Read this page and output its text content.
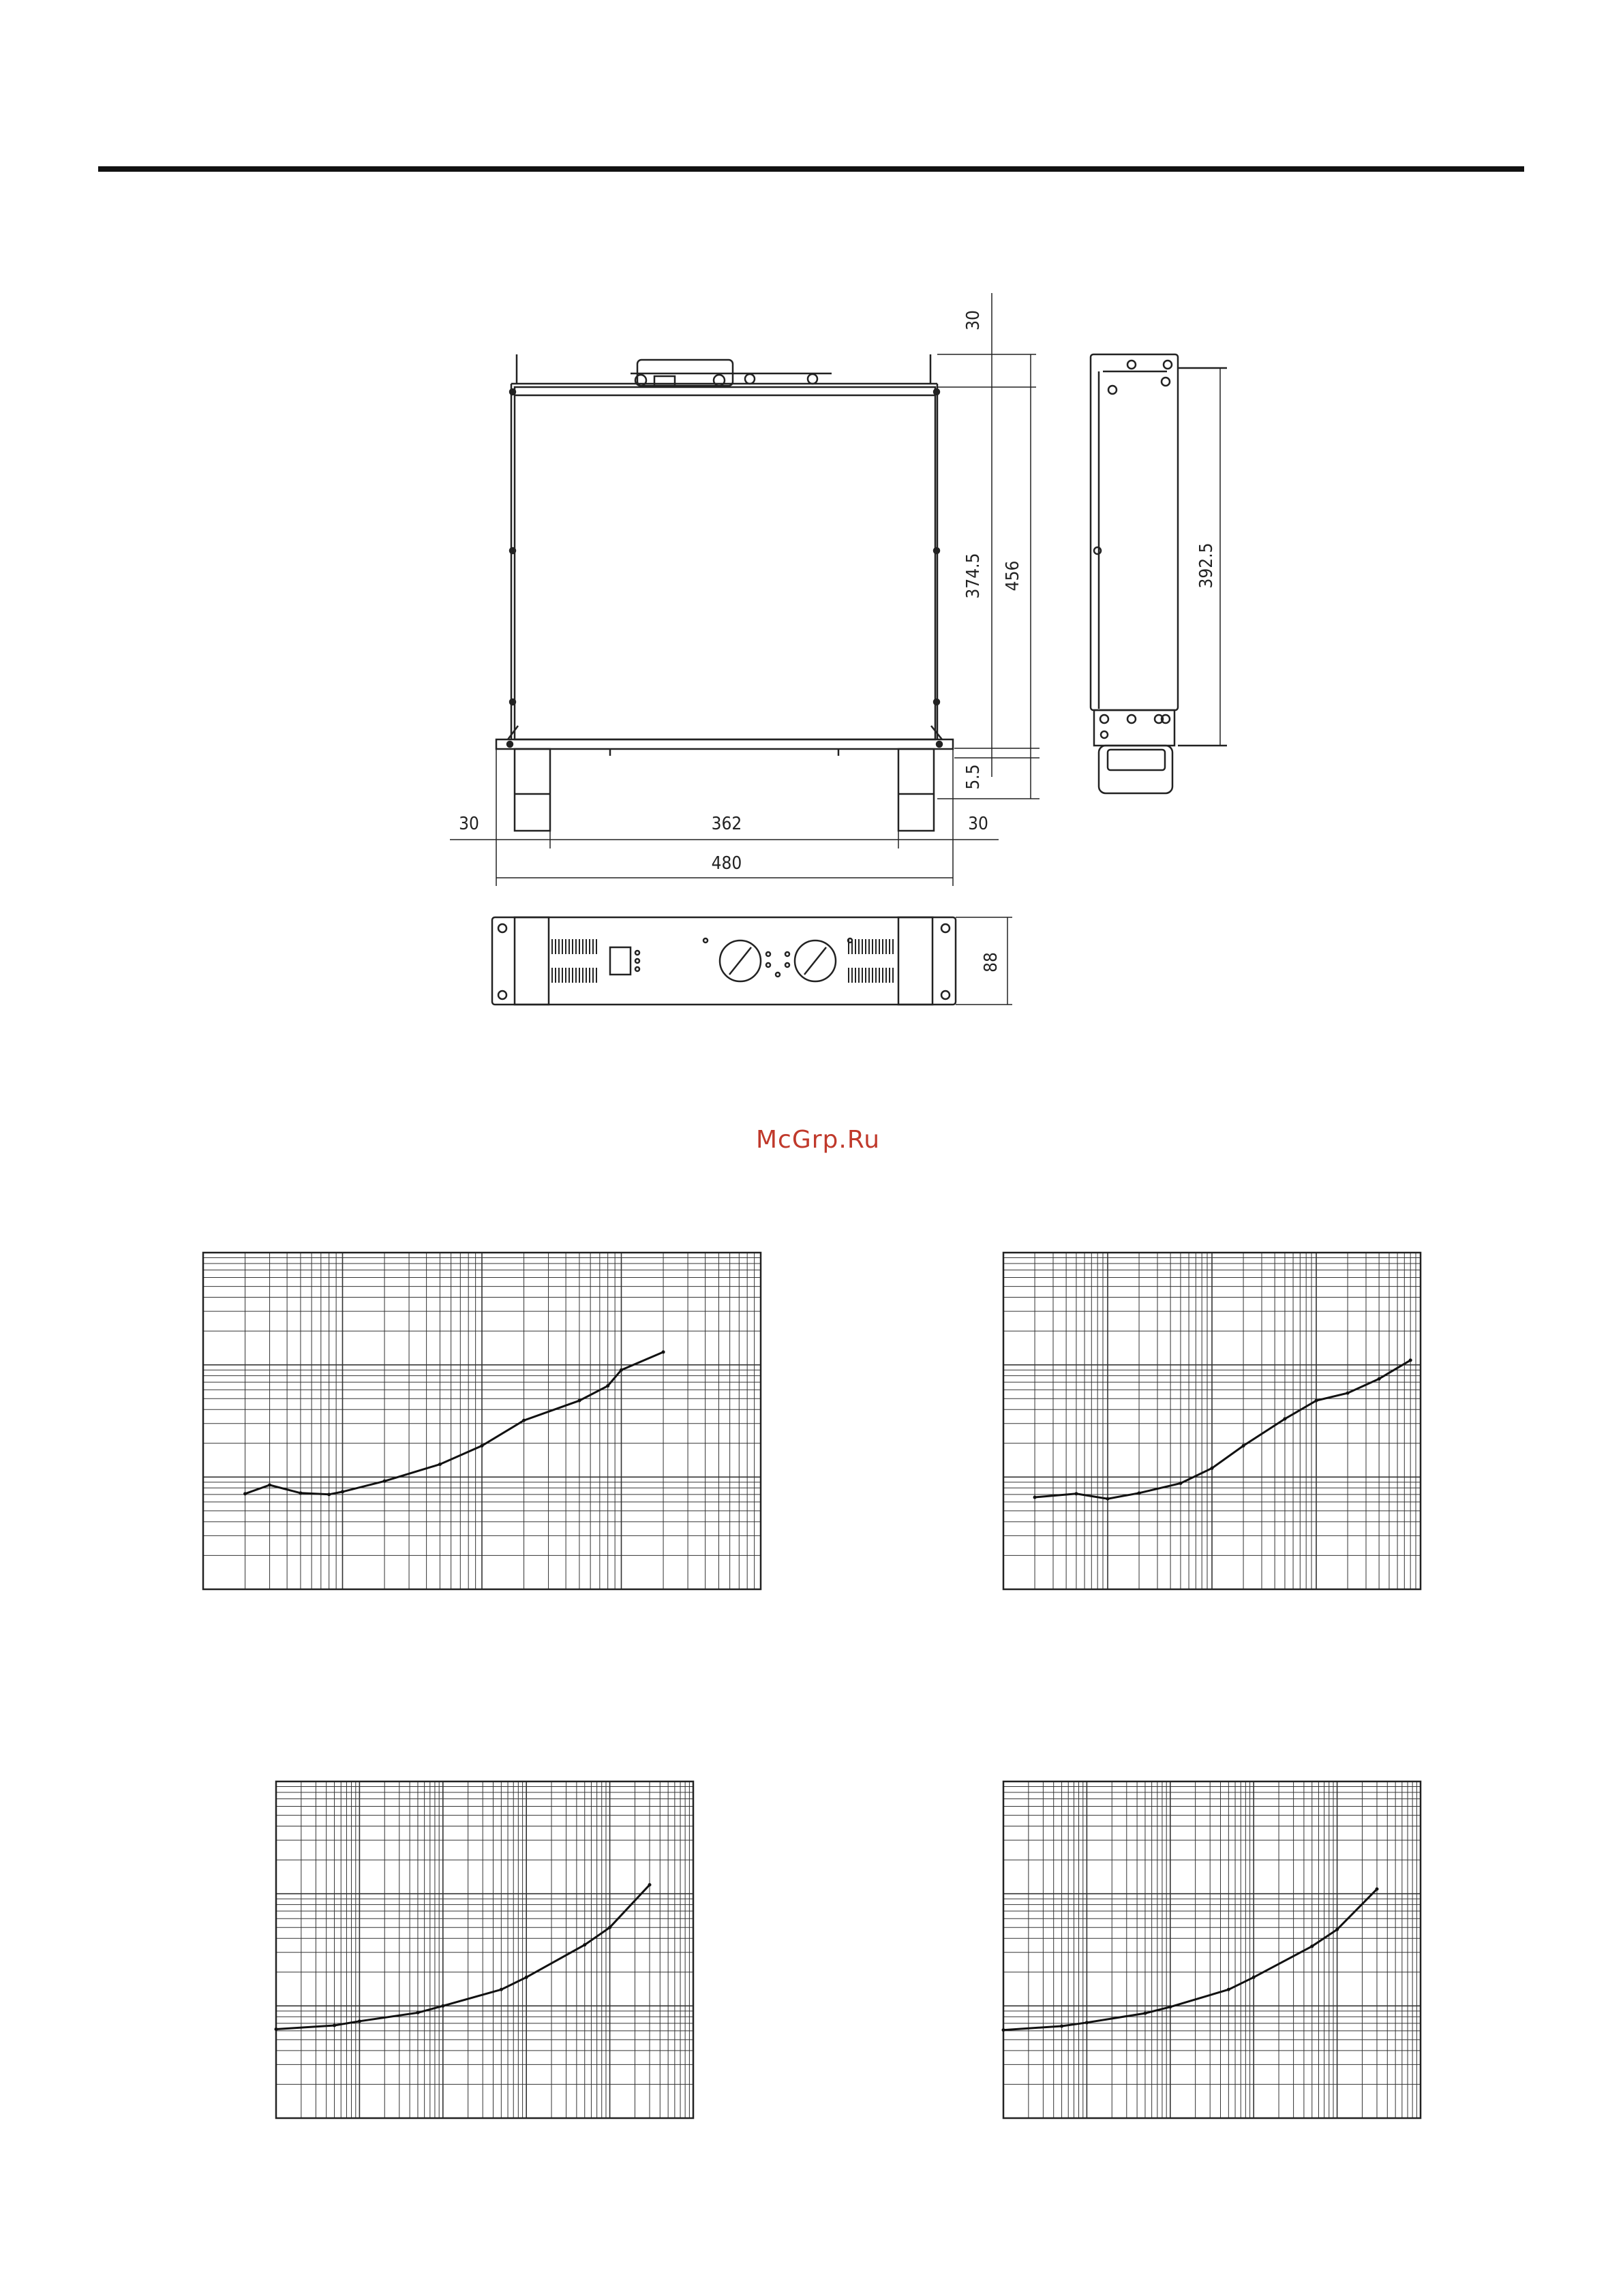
30
374.5 456
5.5
392.5
30	362	30
480
88
McGrp.Ru
